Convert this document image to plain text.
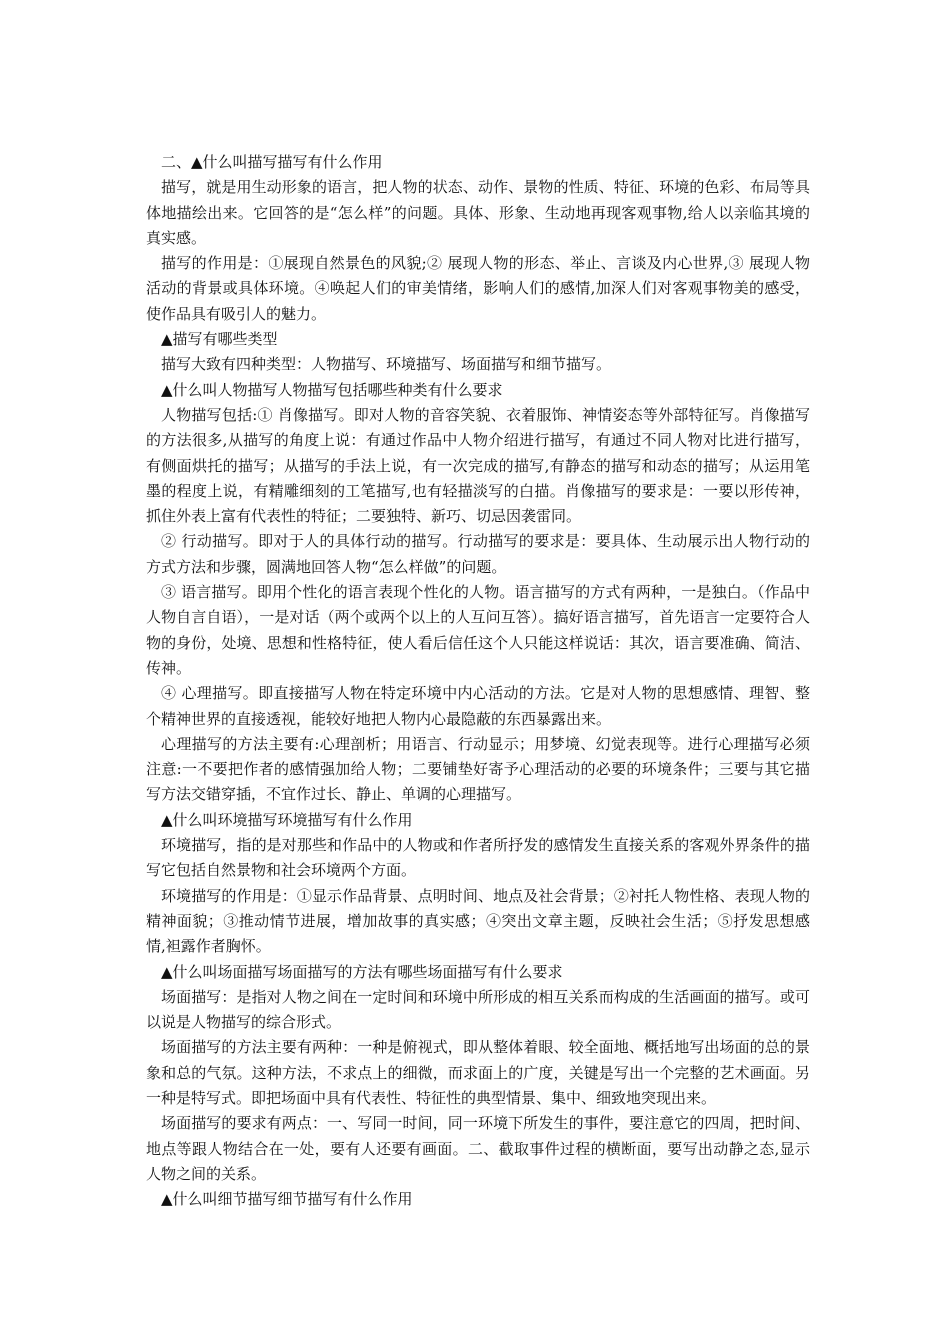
二、▲什么叫描写描写有什么作用

描写，就是用生动形象的语言，把人物的状态、动作、景物的性质、特征、环境的色彩、布局等具体地描绘出来。它回答的是“怎么样”的问题。具体、形象、生动地再现客观事物,给人以亲临其境的真实感。

描写的作用是：①展现自然景色的风貌;② 展现人物的形态、举止、言谈及内心世界,③ 展现人物活动的背景或具体环境。④唤起人们的审美情绪，影响人们的感情,加深人们对客观事物美的感受，使作品具有吸引人的魅力。

▲描写有哪些类型

描写大致有四种类型：人物描写、环境描写、场面描写和细节描写。

▲什么叫人物描写人物描写包括哪些种类有什么要求

人物描写包括:① 肖像描写。即对人物的音容笑貌、衣着服饰、神情姿态等外部特征写。肖像描写的方法很多,从描写的角度上说：有通过作品中人物介绍进行描写，有通过不同人物对比进行描写，有侧面烘托的描写；从描写的手法上说，有一次完成的描写,有静态的描写和动态的描写；从运用笔墨的程度上说，有精雕细刻的工笔描写,也有轻描淡写的白描。肖像描写的要求是：一要以形传神，抓住外表上富有代表性的特征；二要独特、新巧、切忌因袭雷同。

② 行动描写。即对于人的具体行动的描写。行动描写的要求是：要具体、生动展示出人物行动的方式方法和步骤，圆满地回答人物“怎么样做”的问题。

③ 语言描写。即用个性化的语言表现个性化的人物。语言描写的方式有两种，一是独白。（作品中人物自言自语），一是对话（两个或两个以上的人互问互答）。搞好语言描写，首先语言一定要符合人物的身份，处境、思想和性格特征，使人看后信任这个人只能这样说话：其次，语言要准确、简洁、传神。

④ 心理描写。即直接描写人物在特定环境中内心活动的方法。它是对人物的思想感情、理智、整个精神世界的直接透视，能较好地把人物内心最隐蔽的东西暴露出来。

心理描写的方法主要有:心理剖析；用语言、行动显示；用梦境、幻觉表现等。进行心理描写必须注意:一不要把作者的感情强加给人物；二要铺垫好寄予心理活动的必要的环境条件；三要与其它描写方法交错穿插，不宜作过长、静止、单调的心理描写。

▲什么叫环境描写环境描写有什么作用

环境描写，指的是对那些和作品中的人物或和作者所抒发的感情发生直接关系的客观外界条件的描写它包括自然景物和社会环境两个方面。

环境描写的作用是：①显示作品背景、点明时间、地点及社会背景；②衬托人物性格、表现人物的精神面貌；③推动情节进展，增加故事的真实感；④突出文章主题，反映社会生活；⑤抒发思想感情,袒露作者胸怀。

▲什么叫场面描写场面描写的方法有哪些场面描写有什么要求

场面描写：是指对人物之间在一定时间和环境中所形成的相互关系而构成的生活画面的描写。或可以说是人物描写的综合形式。

场面描写的方法主要有两种：一种是俯视式，即从整体着眼、较全面地、概括地写出场面的总的景象和总的气氛。这种方法，不求点上的细微，而求面上的广度，关键是写出一个完整的艺术画面。另一种是特写式。即把场面中具有代表性、特征性的典型情景、集中、细致地突现出来。

场面描写的要求有两点：一、写同一时间，同一环境下所发生的事件，要注意它的四周，把时间、地点等跟人物结合在一处，要有人还要有画面。二、截取事件过程的横断面，要写出动静之态,显示人物之间的关系。

▲什么叫细节描写细节描写有什么作用
